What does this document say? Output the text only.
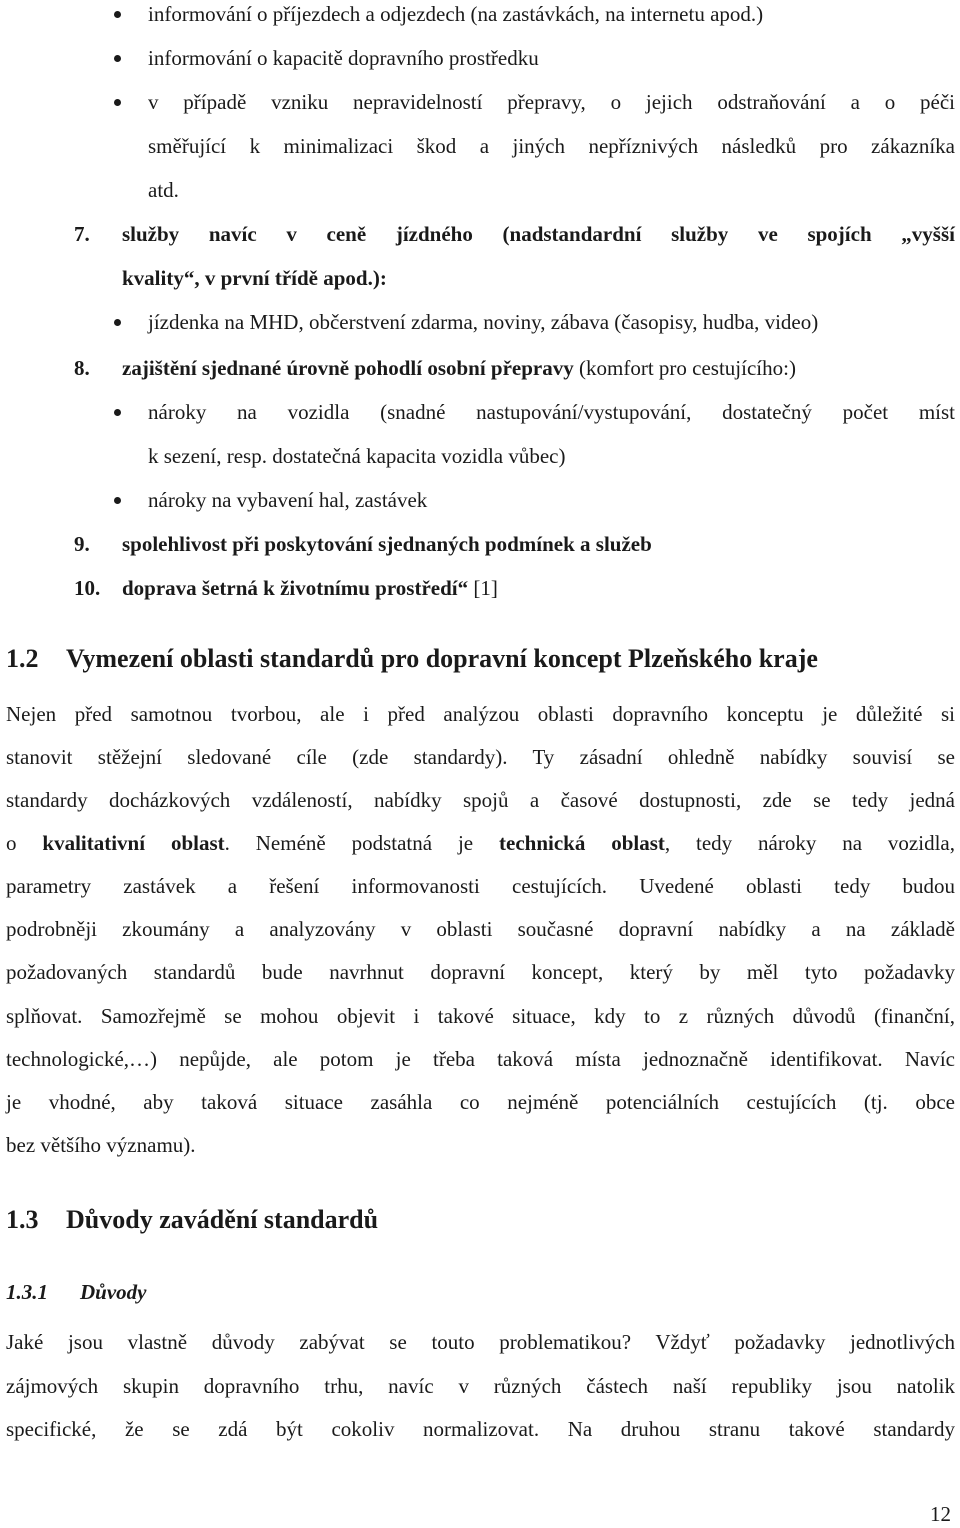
informování o příjezdech a odjezdech (na zastávkách, na internetu apod.)
informování o kapacitě dopravního prostředku
v případě vzniku nepravidelností přepravy, o jejich odstraňování a o péči
směřující k minimalizaci škod a jiných nepříznivých následků pro zákazníka
atd.
7. služby navíc v ceně jízdného (nadstandardní služby ve spojích „vyšší
kvality“, v první třídě apod.):
jízdenka na MHD, občerstvení zdarma, noviny, zábava (časopisy, hudba, video)
8. zajištění sjednané úrovně pohodlí osobní přepravy (komfort pro cestujícího:)
nároky na vozidla (snadné nastupování/vystupování, dostatečný počet míst
k sezení, resp. dostatečná kapacita vozidla vůbec)
nároky na vybavení hal, zastávek
9. spolehlivost při poskytování sjednaných podmínek a služeb
10. doprava šetrná k životnímu prostředí“ [1]
1.2 Vymezení oblasti standardů pro dopravní koncept Plzeňského kraje
Nejen před samotnou tvorbou, ale i před analýzou oblasti dopravního konceptu je důležité si
stanovit stěžejní sledované cíle (zde standardy). Ty zásadní ohledně nabídky souvisí se
standardy docházkových vzdáleností, nabídky spojů a časové dostupnosti, zde se tedy jedná
o kvalitativní oblast. Neméně podstatná je technická oblast, tedy nároky na vozidla,
parametry zastávek a řešení informovanosti cestujících. Uvedené oblasti tedy budou
podrobněji zkoumány a analyzovány v oblasti současné dopravní nabídky a na základě
požadovaných standardů bude navrhnut dopravní koncept, který by měl tyto požadavky
splňovat. Samozřejmě se mohou objevit i takové situace, kdy to z různých důvodů (finanční,
technologické,…) nepůjde, ale potom je třeba taková místa jednoznačně identifikovat. Navíc
je vhodné, aby taková situace zasáhla co nejméně potenciálních cestujících (tj. obce
bez většího významu).
1.3 Důvody zavádění standardů
1.3.1 Důvody
Jaké jsou vlastně důvody zabývat se touto problematikou? Vždyť požadavky jednotlivých
zájmových skupin dopravního trhu, navíc v různých částech naší republiky jsou natolik
specifické, že se zdá být cokoliv normalizovat. Na druhou stranu takové standardy
12
